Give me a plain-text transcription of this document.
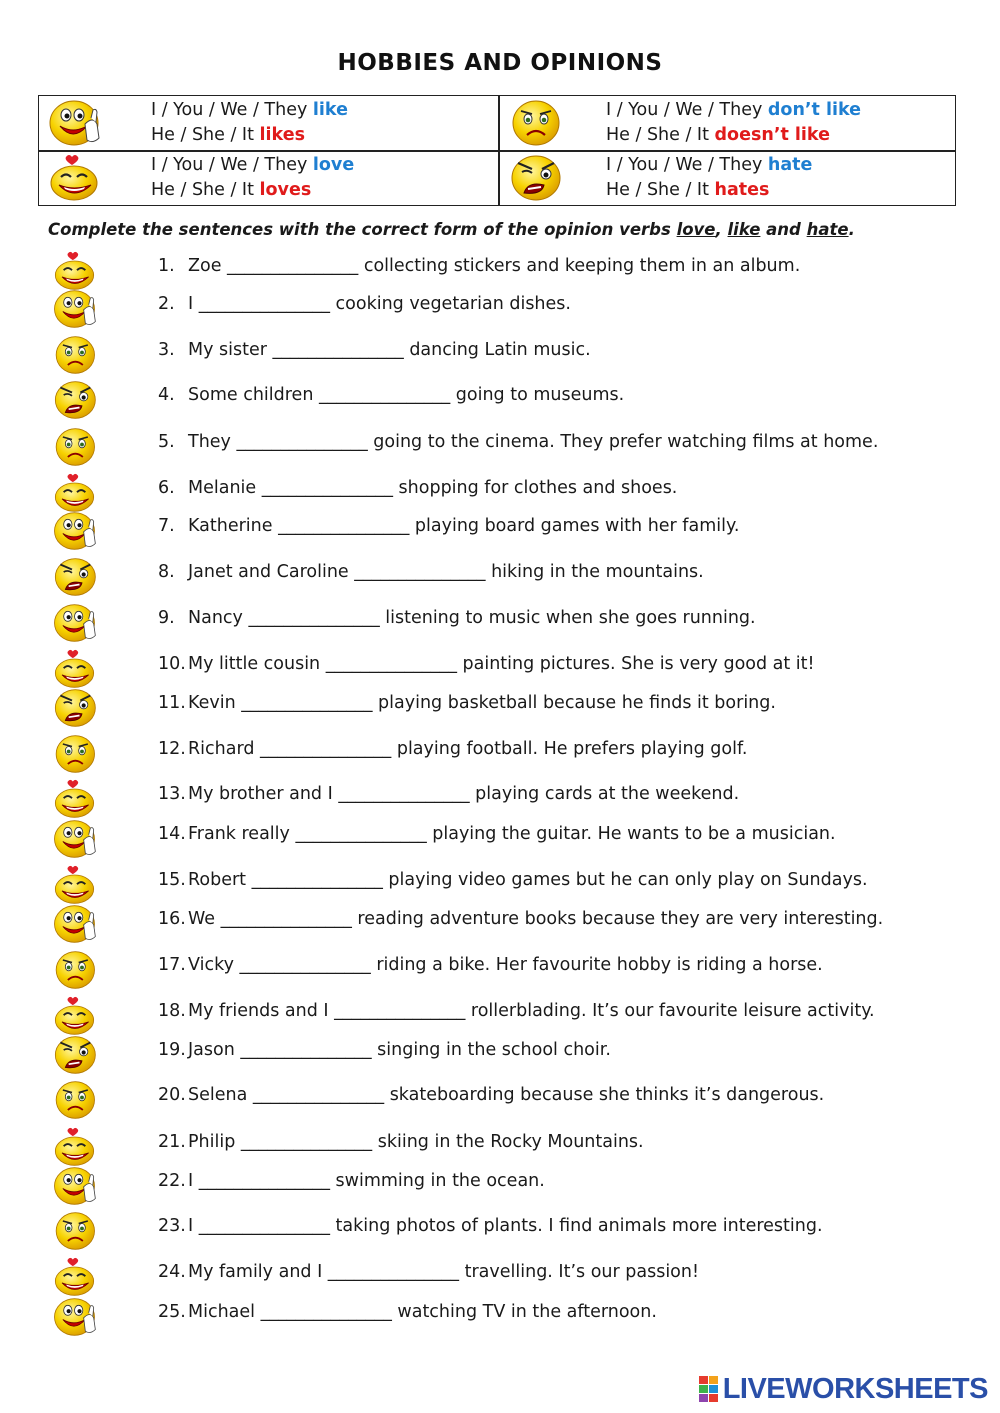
HOBBIES AND OPINIONS
I / You / We / They like
He / She / It likes
I / You / We / They don’t like
He / She / It doesn’t like
I / You / We / They love
He / She / It loves
I / You / We / They hate
He / She / It hates
Complete the sentences with the correct form of the opinion verbs love, like and hate.
1. Zoe _______________ collecting stickers and keeping them in an album.
2. I _______________ cooking vegetarian dishes.
3. My sister _______________ dancing Latin music.
4. Some children _______________ going to museums.
5. They _______________ going to the cinema. They prefer watching films at home.
6. Melanie _______________ shopping for clothes and shoes.
7. Katherine _______________ playing board games with her family.
8. Janet and Caroline _______________ hiking in the mountains.
9. Nancy _______________ listening to music when she goes running.
10. My little cousin _______________ painting pictures. She is very good at it!
11. Kevin _______________ playing basketball because he finds it boring.
12. Richard _______________ playing football. He prefers playing golf.
13. My brother and I _______________ playing cards at the weekend.
14. Frank really _______________ playing the guitar. He wants to be a musician.
15. Robert _______________ playing video games but he can only play on Sundays.
16. We _______________ reading adventure books because they are very interesting.
17. Vicky _______________ riding a bike. Her favourite hobby is riding a horse.
18. My friends and I _______________ rollerblading. It’s our favourite leisure activity.
19. Jason _______________ singing in the school choir.
20. Selena _______________ skateboarding because she thinks it’s dangerous.
21. Philip _______________ skiing in the Rocky Mountains.
22. I _______________ swimming in the ocean.
23. I _______________ taking photos of plants. I find animals more interesting.
24. My family and I _______________ travelling. It’s our passion!
25. Michael _______________ watching TV in the afternoon.
LIVEWORKSHEETS
